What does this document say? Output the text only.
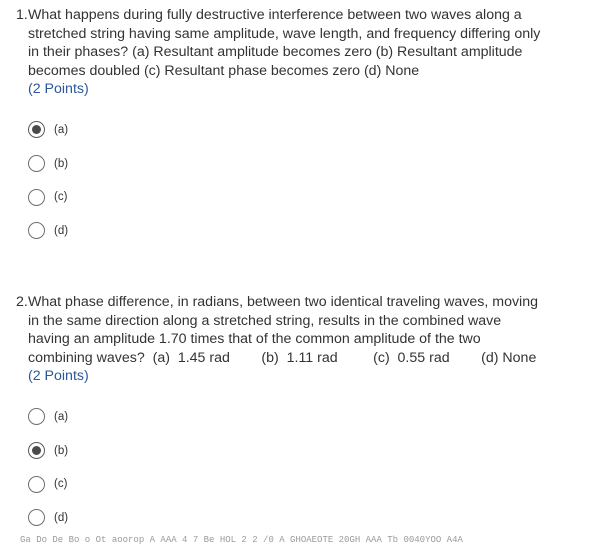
1. What happens during fully destructive interference between two waves along a
stretched string having same amplitude, wave length, and frequency differing only
in their phases? (a) Resultant amplitude becomes zero (b) Resultant amplitude
becomes doubled (c) Resultant phase becomes zero (d) None
(2 Points)
(a)
(b)
(c)
(d)
2. What phase difference, in radians, between two identical traveling waves, moving
in the same direction along a stretched string, results in the combined wave
having an amplitude 1.70 times that of the common amplitude of the two
combining waves?  (a)  1.45 rad        (b)  1.11 rad         (c)  0.55 rad        (d) None
(2 Points)
(a)
(b)
(c)
(d)
Ga Do De Bo o Ot aoorop A AAA 4 7 Be HOL 2 2 /0 A GHOAEOTE 20GH AAA Tb 0040YOO A4A
